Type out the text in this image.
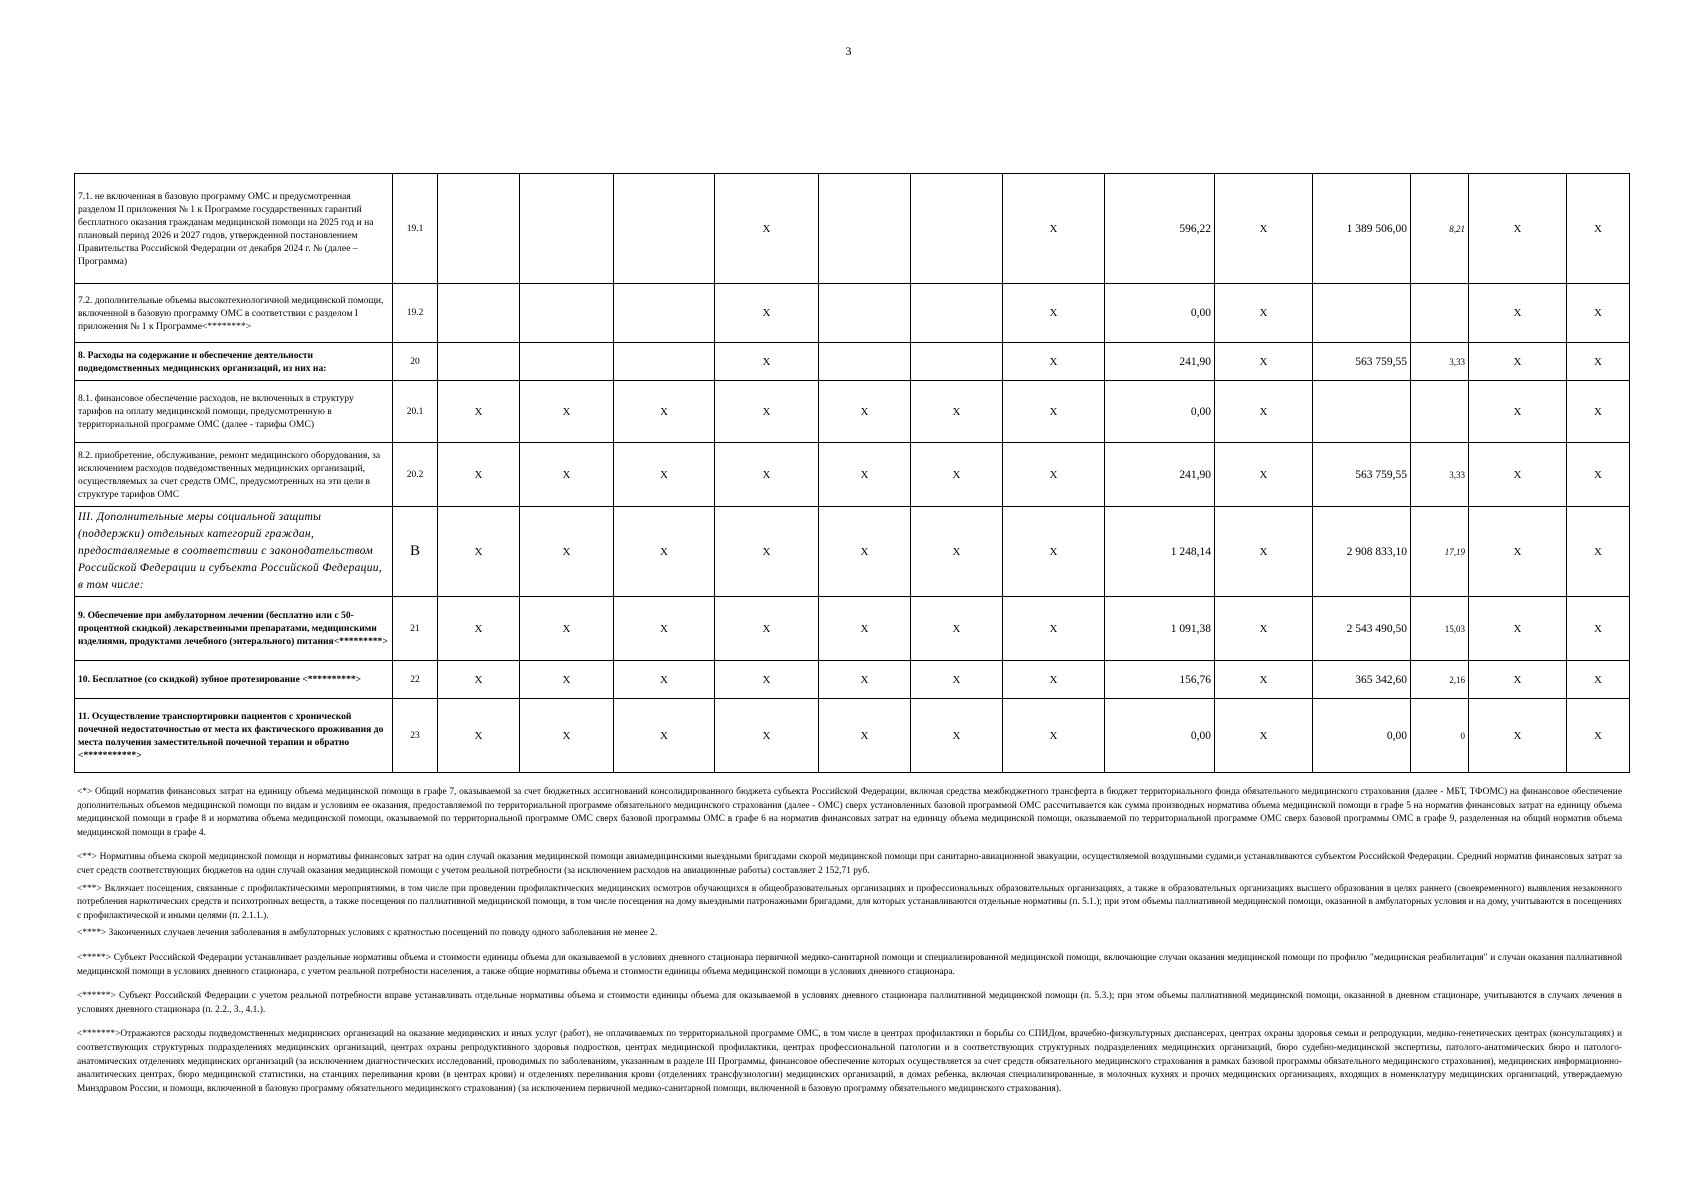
3
7.1. не включенная в базовую программу ОМС и предусмотренная разделом II приложения № 1 к Программе государственных гарантий бесплатного оказания гражданам медицинской помощи на 2025 год и на плановый период 2026 и 2027 годов, утвержденной постановлением Правительства Российской Федерации от декабря 2024 г. № (далее – Программа)	19.1				X			X	596,22	X	1 389 506,00	8,21	X	X
7.2. дополнительные объемы высокотехнологичной медицинской помощи, включенной в базовую программу ОМС в соответствии с разделом I приложения № 1 к Программе<********>	19.2				X			X	0,00	X			X	X
8. Расходы на содержание и обеспечение деятельности подведомственных медицинских организаций, из них на:	20				X			X	241,90	X	563 759,55	3,33	X	X
8.1. финансовое обеспечение расходов, не включенных в структуру тарифов на оплату медицинской помощи, предусмотренную в территориальной программе ОМС (далее - тарифы ОМС)	20.1	X	X	X	X	X	X	X	0,00	X			X	X
8.2. приобретение, обслуживание, ремонт медицинского оборудования, за исключением расходов подведомственных медицинских организаций, осуществляемых за счет средств ОМС, предусмотренных на эти цели в структуре тарифов ОМС	20.2	X	X	X	X	X	X	X	241,90	X	563 759,55	3,33	X	X
III. Дополнительные меры социальной защиты (поддержки) отдельных категорий граждан, предоставляемые в соответствии с законодательством Российской Федерации и субъекта Российской Федерации, в том числе:	В	X	X	X	X	X	X	X	1 248,14	X	2 908 833,10	17,19	X	X
9. Обеспечение при амбулаторном лечении (бесплатно или с 50-процентной скидкой) лекарственными препаратами, медицинскими изделиями, продуктами лечебного (энтерального) питания<*********>	21	X	X	X	X	X	X	X	1 091,38	X	2 543 490,50	15,03	X	X
10. Бесплатное (со скидкой) зубное протезирование <**********>	22	X	X	X	X	X	X	X	156,76	X	365 342,60	2,16	X	X
11. Осуществление транспортировки пациентов с хронической почечной недостаточностью от места их фактического проживания до места получения заместительной почечной терапии и обратно <***********>	23	X	X	X	X	X	X	X	0,00	X	0,00	0	X	X

<*> Общий норматив финансовых затрат на единицу объема медицинской помощи в графе 7, оказываемой за счет бюджетных ассигнований консолидированного бюджета субъекта Российской Федерации, включая средства межбюджетного трансферта в бюджет территориального фонда обязательного медицинского страхования (далее - МБТ, ТФОМС) на финансовое обеспечение дополнительных объемов медицинской помощи по видам и условиям ее оказания, предоставляемой по территориальной программе обязательного медицинского страхования (далее - ОМС) сверх установленных базовой программой ОМС рассчитывается как сумма производных норматива объема медицинской помощи в графе 5 на норматив финансовых затрат на единицу объема медицинской помощи в графе 8 и норматива объема медицинской помощи, оказываемой по территориальной программе ОМС сверх базовой программы ОМС в графе 6 на норматив финансовых затрат на единицу объема медицинской помощи, оказываемой по территориальной программе ОМС сверх базовой программы ОМС в графе 9, разделенная на общий норматив объема медицинской помощи в графе 4.

<**> Нормативы объема скорой медицинской помощи и нормативы финансовых затрат на один случай оказания медицинской помощи авиамедицинскими выездными бригадами скорой медицинской помощи при санитарно-авиационной эвакуации, осуществляемой воздушными судами,и устанавливаются субъектом Российской Федерации. Средний норматив финансовых затрат за счет средств соответствующих бюджетов на один случай оказания медицинской помощи с учетом реальной потребности (за исключением расходов на авиационные работы) составляет 2 152,71 руб.

<***> Включает посещения, связанные с профилактическими мероприятиями, в том числе при проведении профилактических медицинских осмотров обучающихся в общеобразовательных организациях и профессиональных образовательных организациях, а также в образовательных организациях высшего образования в целях раннего (своевременного) выявления незаконного потребления наркотических средств и психотропных веществ, а также посещения по паллиативной медицинской помощи, в том числе посещения на дому выездными патронажными бригадами, для которых устанавливаются отдельные нормативы (п. 5.1.); при этом объемы паллиативной медицинской помощи, оказанной в амбулаторных условия и на дому, учитываются в посещениях с профилактической и иными целями (п. 2.1.1.).

<****> Законченных случаев лечения заболевания в амбулаторных условиях с кратностью посещений по поводу одного заболевания не менее 2.

<*****> Субъект Российской Федерации устанавливает раздельные нормативы объема и стоимости единицы объема для оказываемой в условиях дневного стационара первичной медико-санитарной помощи и специализированной медицинской помощи, включающие случаи оказания медицинской помощи по профилю "медицинская реабилитация" и случаи оказания паллиативной медицинской помощи в условиях дневного стационара, с учетом реальной потребности населения, а также общие нормативы объема и стоимости единицы объема медицинской помощи в условиях дневного стационара.

<******> Субъект Российской Федерации с учетом реальной потребности вправе устанавливать отдельные нормативы объема и стоимости единицы объема для оказываемой в условиях дневного стационара паллиативной медицинской помощи (п. 5.3.); при этом объемы паллиативной медицинской помощи, оказанной в дневном стационаре, учитываются в случаях лечения в условиях дневного стационара (п. 2.2., 3., 4.1.).

<*******>Отражаются расходы подведомственных медицинских организаций на оказание медицинских и иных услуг (работ), не оплачиваемых по территориальной программе ОМС, в том числе в центрах профилактики и борьбы со СПИДом, врачебно-физкультурных диспансерах, центрах охраны здоровья семьи и репродукции, медико-генетических центрах (консультациях) и соответствующих структурных подразделениях медицинских организаций, центрах охраны репродуктивного здоровья подростков, центрах медицинской профилактики, центрах профессиональной патологии и в соответствующих структурных подразделениях медицинских организаций, бюро судебно-медицинской экспертизы, патолого-анатомических бюро и патолого-анатомических отделениях медицинских организаций (за исключением диагностических исследований, проводимых по заболеваниям, указанным в разделе III Программы, финансовое обеспечение которых осуществляется за счет средств обязательного медицинского страхования в рамках базовой программы обязательного медицинского страхования), медицинских информационно-аналитических центрах, бюро медицинской статистики, на станциях переливания крови (в центрах крови) и отделениях переливания крови (отделениях трансфузиологии) медицинских организаций, в домах ребенка, включая специализированные, в молочных кухнях и прочих медицинских организациях, входящих в номенклатуру медицинских организаций, утверждаемую Минздравом России, и помощи, включенной в базовую программу обязательного медицинского страхования) (за исключением первичной медико-санитарной помощи, включенной в базовую программу обязательного медицинского страхования).
